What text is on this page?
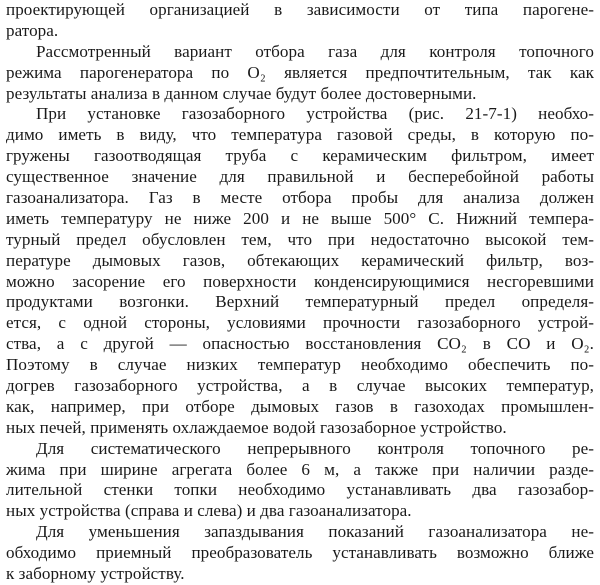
проектирующей организацией в зависимости от типа парогене-
ратора.

Рассмотренный вариант отбора газа для контроля топочного
режима парогенератора по O₂ является предпочтительным, так как
результаты анализа в данном случае будут более достоверными.

При установке газозаборного устройства (рис. 21-7-1) необхо-
димо иметь в виду, что температура газовой среды, в которую по-
гружены газоотводящая труба с керамическим фильтром, имеет
существенное значение для правильной и бесперебойной работы
газоанализатора. Газ в месте отбора пробы для анализа должен
иметь температуру не ниже 200 и не выше 500° С. Нижний темпера-
турный предел обусловлен тем, что при недостаточно высокой тем-
пературе дымовых газов, обтекающих керамический фильтр, воз-
можно засорение его поверхности конденсирующимися несгоревшими
продуктами возгонки. Верхний температурный предел определя-
ется, с одной стороны, условиями прочности газозаборного устрой-
ства, а с другой — опасностью восстановления CO₂ в CO и O₂.
Поэтому в случае низких температур необходимо обеспечить по-
догрев газозаборного устройства, а в случае высоких температур,
как, например, при отборе дымовых газов в газоходах промышлен-
ных печей, применять охлаждаемое водой газозаборное устройство.

Для систематического непрерывного контроля топочного ре-
жима при ширине агрегата более 6 м, а также при наличии разде-
лительной стенки топки необходимо устанавливать два газозабор-
ных устройства (справа и слева) и два газоанализатора.

Для уменьшения запаздывания показаний газоанализатора не-
обходимо приемный преобразователь устанавливать возможно ближе
к заборному устройству.
